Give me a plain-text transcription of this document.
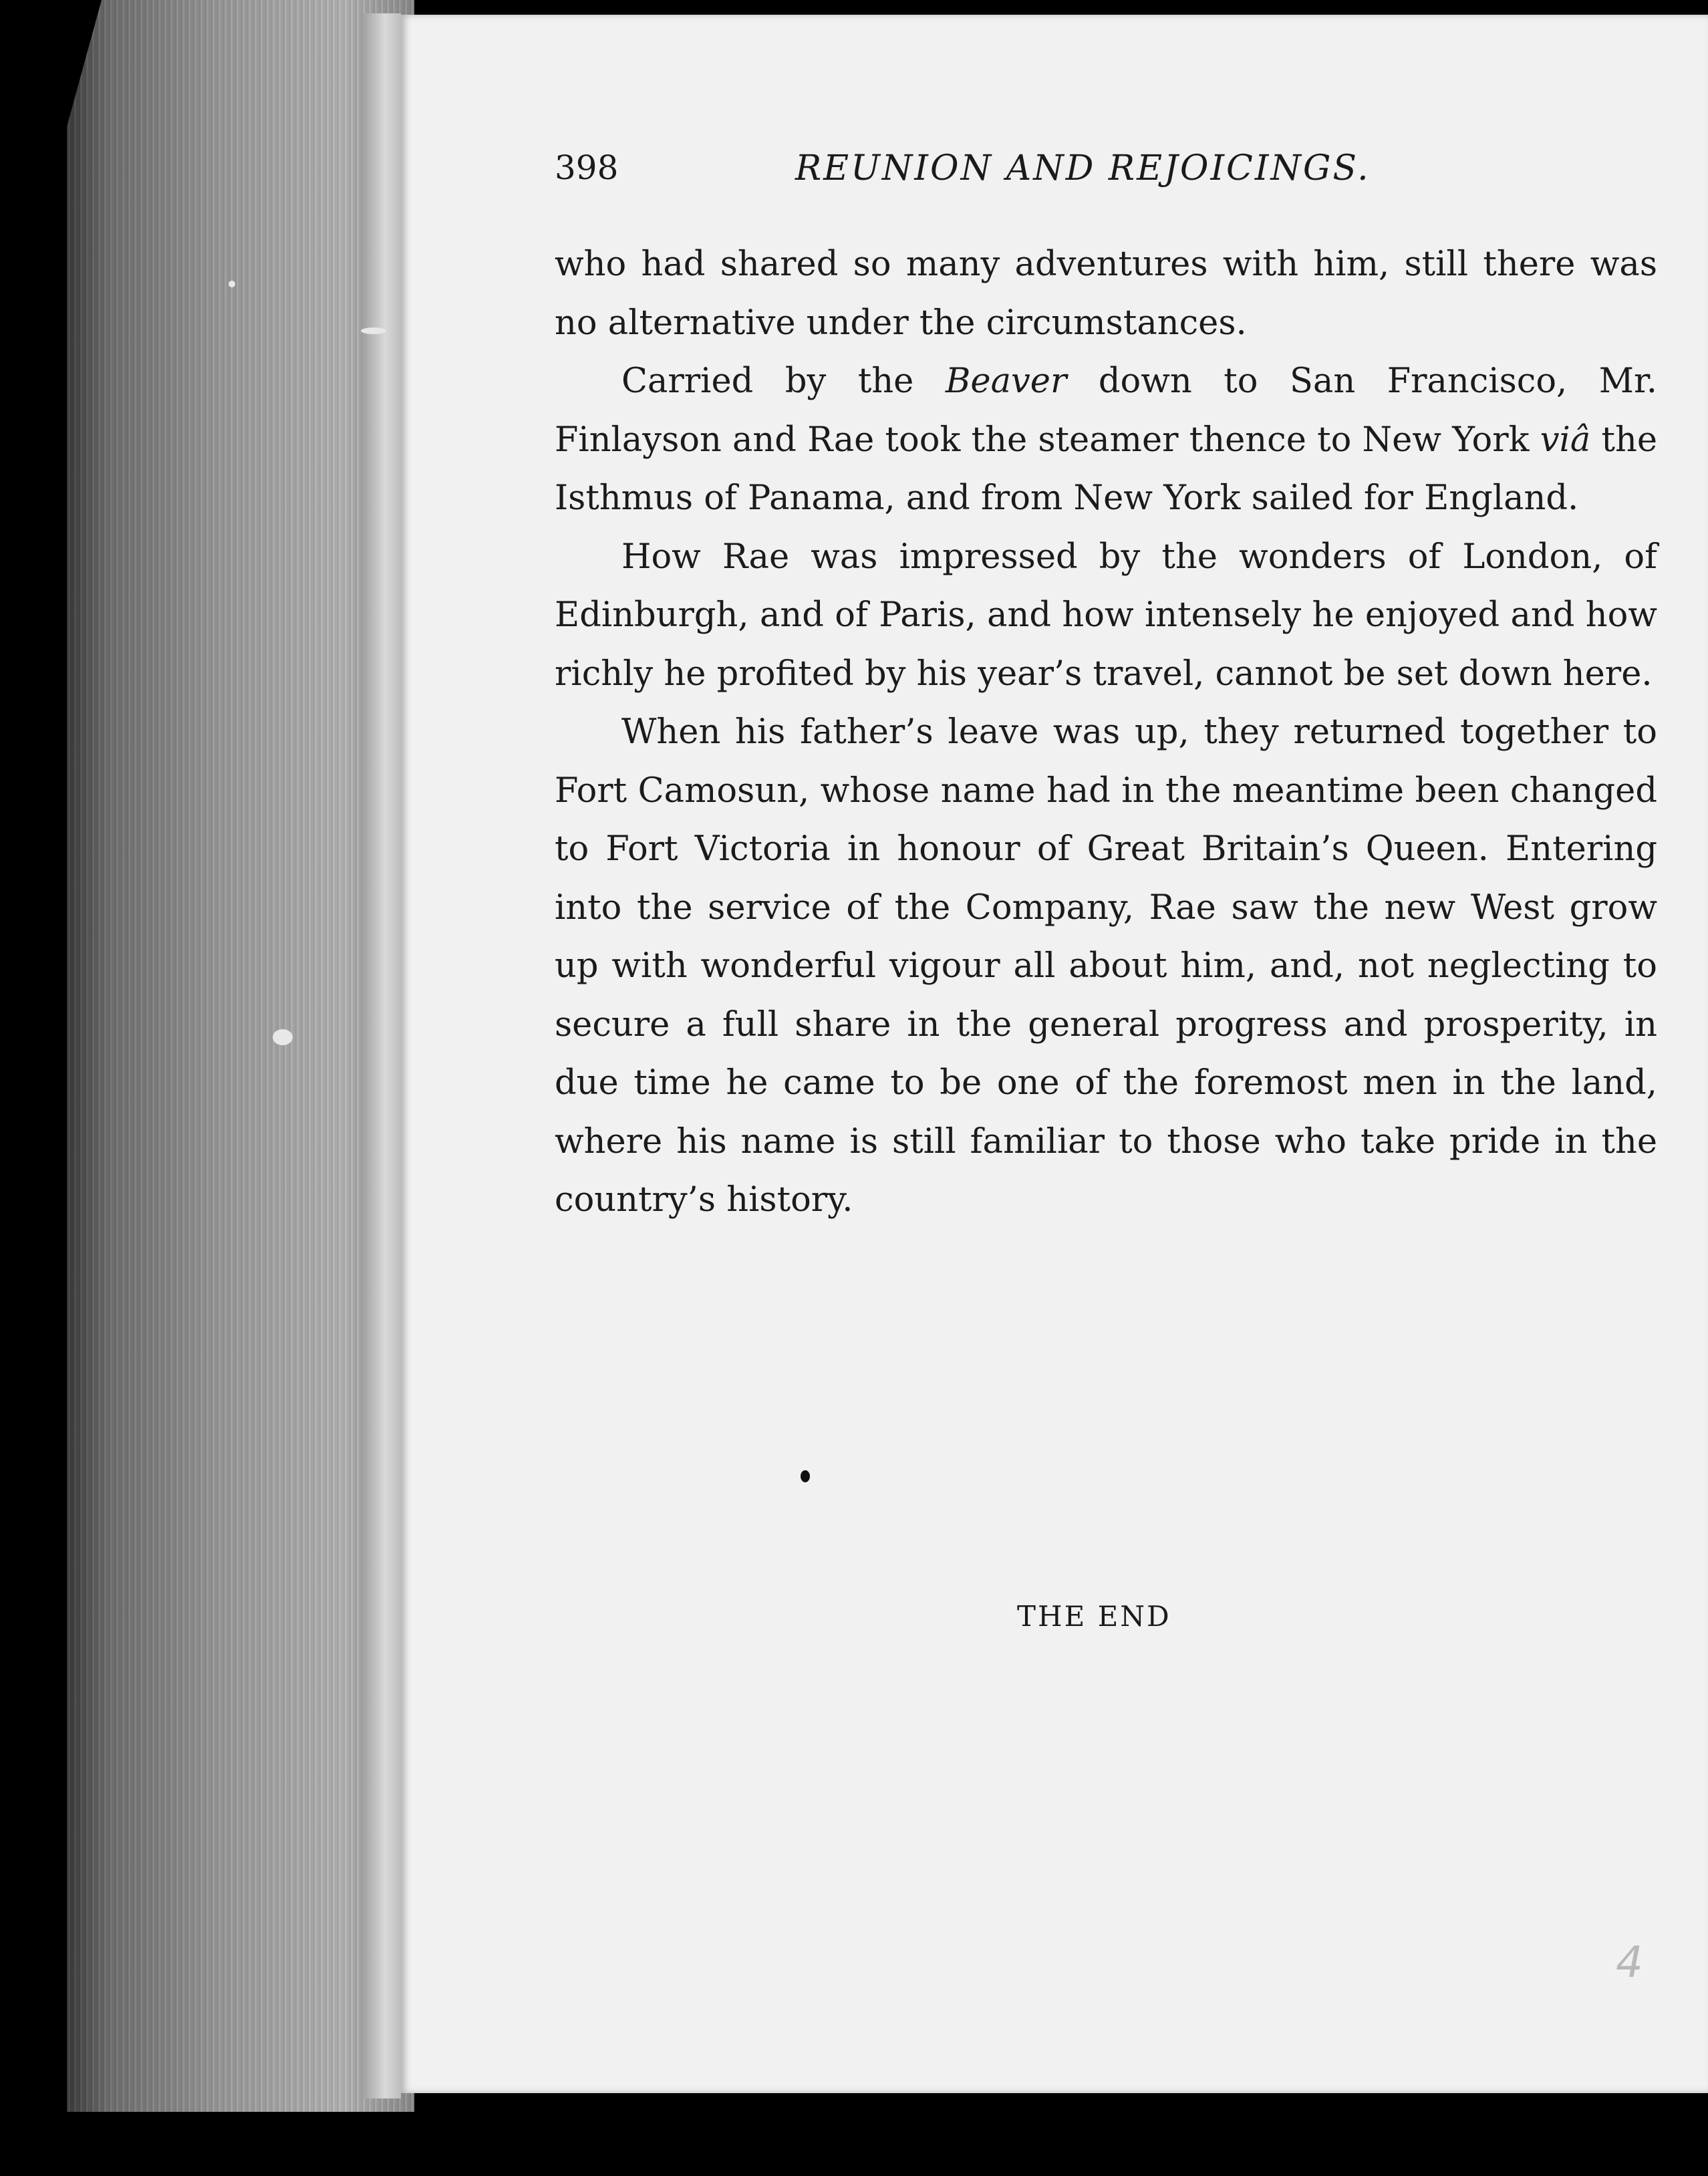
398	REUNION AND REJOICINGS.

who had shared so many adventures with him, still there was no alternative under the circumstances.

Carried by the Beaver down to San Francisco, Mr. Finlayson and Rae took the steamer thence to New York viâ the Isthmus of Panama, and from New York sailed for England.

How Rae was impressed by the wonders of London, of Edinburgh, and of Paris, and how intensely he enjoyed and how richly he profited by his year’s travel, cannot be set down here.

When his father’s leave was up, they returned together to Fort Camosun, whose name had in the meantime been changed to Fort Victoria in honour of Great Britain’s Queen. Entering into the service of the Company, Rae saw the new West grow up with wonderful vigour all about him, and, not neglecting to secure a full share in the general progress and prosperity, in due time he came to be one of the foremost men in the land, where his name is still familiar to those who take pride in the country’s history.

THE END
4
